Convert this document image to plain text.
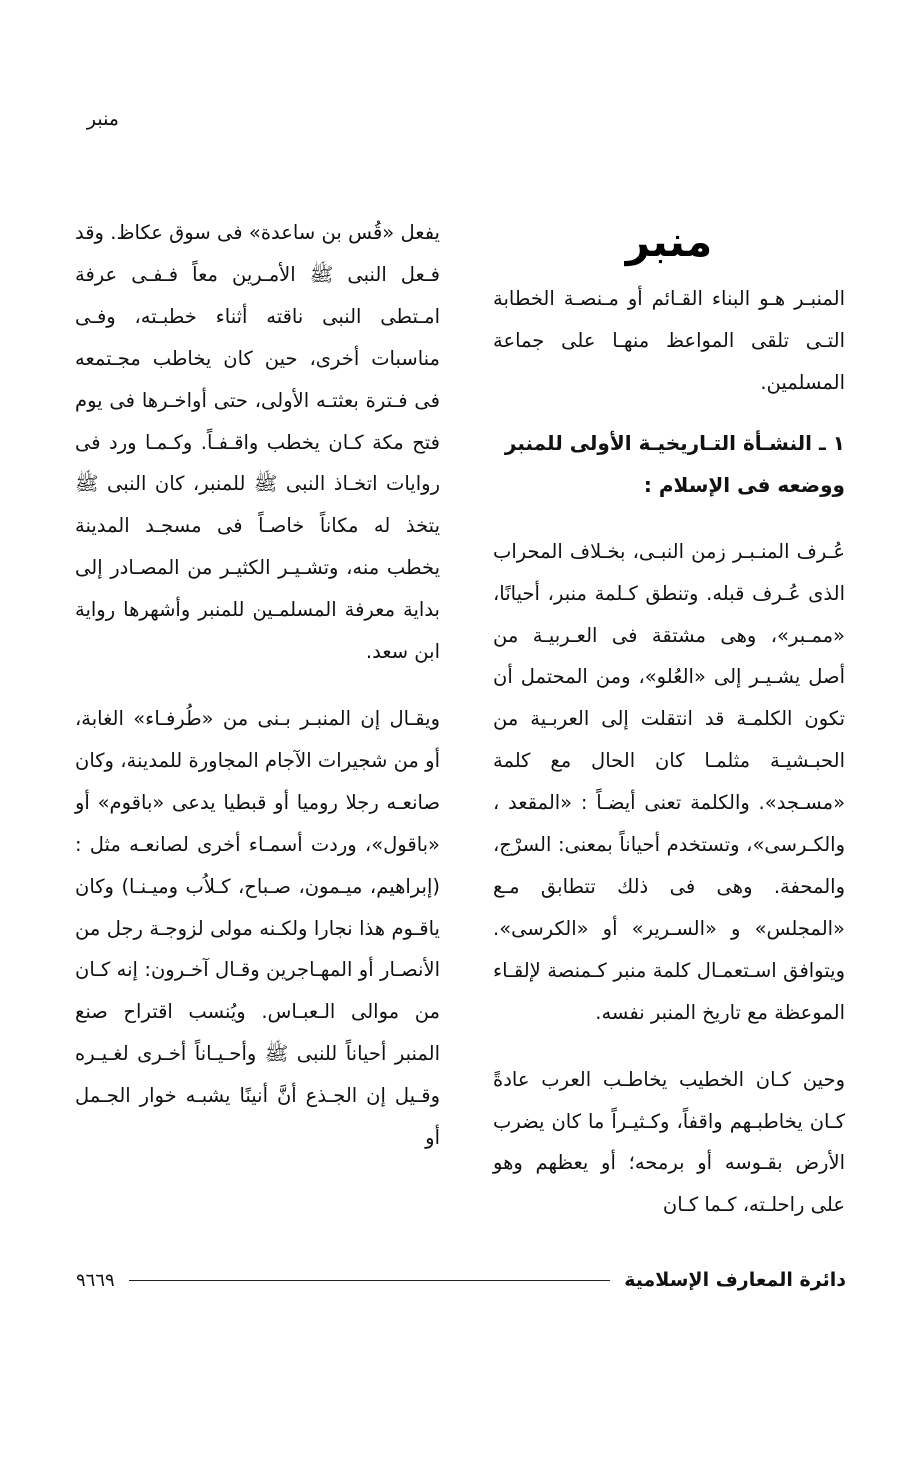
منبر
منبر

المنبـر هـو البناء القـائم أو مـنصـة الخطابة التـى تلقى المواعظ منهـا على جماعة المسلمين.

١ ـ النشـأة التـاريخيـة الأولى للمنبر ووضعه فى الإسلام :

عُـرف المنـبـر زمن النبـى، بخـلاف المحراب الذى عُـرف قبله. وتنطق كـلمة منبر، أحيانًا، «ممـبر»، وهى مشتقة فى العـربيـة من أصل يشـيـر إلى «العُلو»، ومن المحتمل أن تكون الكلمـة قد انتقلت إلى العربـية من الحبـشيـة مثلمـا كان الحال مع كلمة «مسـجد». والكلمة تعنى أيضـاً : «المقعد ، والكـرسى»، وتستخدم أحياناً بمعنى: السرْج، والمحفة. وهى فى ذلك تتطابق مـع «المجلس» و «السـرير» أو «الكرسى». ويتوافق اسـتعمـال كلمة منبر كـمنصة لإلقـاء الموعظة مع تاريخ المنبر نفسه.

وحين كـان الخطيب يخاطـب العرب عادةً كـان يخاطبـهم واقفاً، وكـثيـراً ما كان يضرب الأرض بقـوسه أو برمحه؛ أو يعظهم وهو على راحلـته، كـما كـان

يفعل «قُس بن ساعدة» فى سوق عكاظ. وقد فـعل النبى ﷺ الأمـرين معاً فـفـى عرفة امـتطى النبى ناقته أثناء خطبـته، وفـى مناسبات أخرى، حين كان يخاطب مجـتمعه فى فـترة بعثتـه الأولى، حتى أواخـرها فى يوم فتح مكة كـان يخطب واقـفـاً. وكـمـا ورد فى روايات اتخـاذ النبى ﷺ للمنبر، كان النبى ﷺ يتخذ له مكاناً خاصـاً فى مسجـد المدينة يخطب منه، وتشـيـر الكثيـر من المصـادر إلى بداية معرفة المسلمـين للمنبر وأشهرها رواية ابن سعد.

ويقـال إن المنبـر بـنى من «طُرفـاء» الغابة، أو من شجيرات الآجام المجاورة للمدينة، وكان صانعـه رجلا روميا أو قبطيا يدعى «باقوم» أو «باقول»، وردت أسمـاء أخرى لصانعـه مثل : (إبراهيم، ميـمون، صـباح، كـلاُب وميـنـا) وكان ياقـوم هذا نجارا ولكـنه مولى لزوجـة رجل من الأنصـار أو المهـاجرين وقـال آخـرون: إنه كـان من موالى الـعبـاس. ويُنسب اقتراح صنع المنبر أحياناً للنبى ﷺ وأحـيـاناً أخـرى لغـيـره وقـيل إن الجـذع أنَّ أنينًا يشبـه خوار الجـمل أو

دائرة المعارف الإسلامية
٩٦٦٩
